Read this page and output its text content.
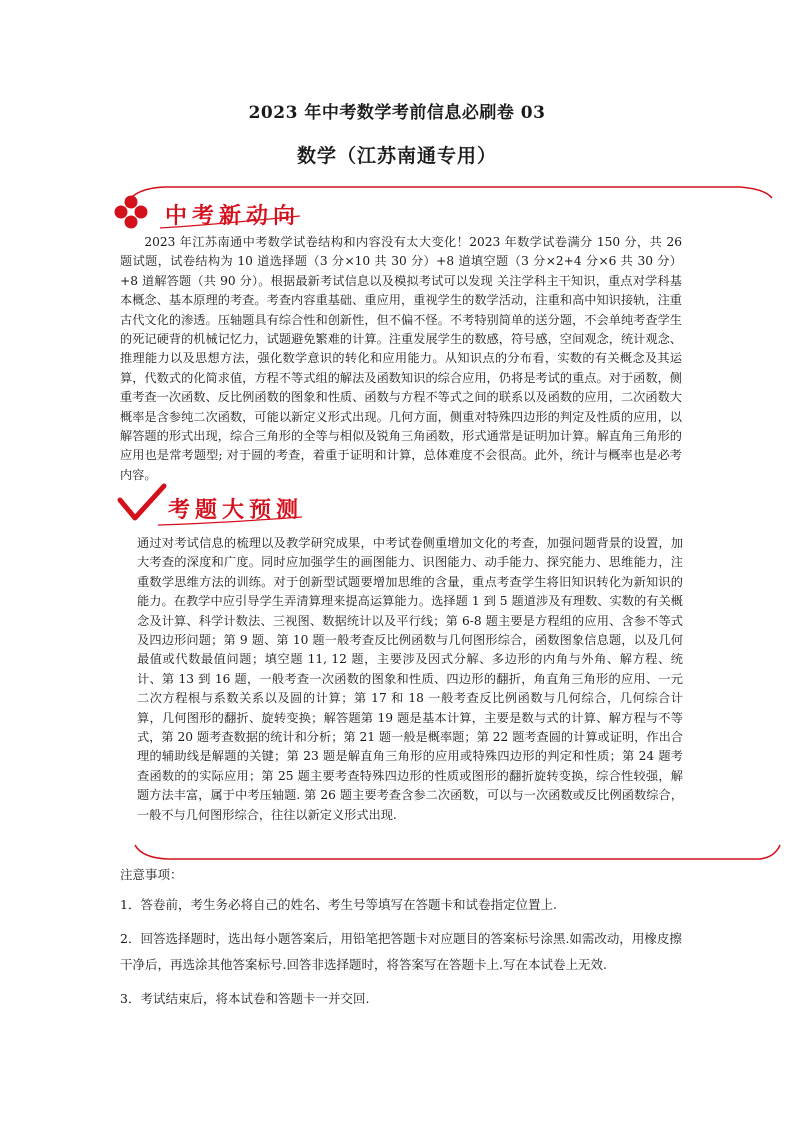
2023 年中考数学考前信息必刷卷 03
数学（江苏南通专用）
中考新动向

2023 年江苏南通中考数学试卷结构和内容没有太大变化！2023 年数学试卷满分 150 分，共 26 题试题，试卷结构为 10 道选择题（3 分×10 共 30 分）+8 道填空题（3 分×2+4 分×6 共 30 分）+8 道解答题（共 90 分）。根据最新考试信息以及模拟考试可以发现 关注学科主干知识，重点对学科基本概念、基本原理的考查。考查内容重基础、重应用，重视学生的数学活动，注重和高中知识接轨，注重古代文化的渗透。压轴题具有综合性和创新性，但不偏不怪。不考特别简单的送分题，不会单纯考查学生的死记硬背的机械记忆力，试题避免繁难的计算。注重发展学生的数感，符号感，空间观念，统计观念、推理能力以及思想方法，强化数学意识的转化和应用能力。从知识点的分布看，实数的有关概念及其运算，代数式的化简求值，方程不等式组的解法及函数知识的综合应用，仍将是考试的重点。对于函数，侧重考查一次函数、反比例函数的图象和性质、函数与方程不等式之间的联系以及函数的应用，二次函数大概率是含参纯二次函数，可能以新定义形式出现。几何方面，侧重对特殊四边形的判定及性质的应用，以解答题的形式出现，综合三角形的全等与相似及锐角三角函数，形式通常是证明加计算。解直角三角形的应用也是常考题型; 对于圆的考查，着重于证明和计算，总体难度不会很高。此外，统计与概率也是必考内容。

考题大预测

通过对考试信息的梳理以及教学研究成果，中考试卷侧重增加文化的考查，加强问题背景的设置，加大考查的深度和广度。同时应加强学生的画图能力、识图能力、动手能力、探究能力、思维能力，注重数学思维方法的训练。对于创新型试题要增加思维的含量，重点考查学生将旧知识转化为新知识的能力。在教学中应引导学生弄清算理来提高运算能力。选择题 1 到 5 题道涉及有理数、实数的有关概念及计算、科学计数法、三视图、数据统计以及平行线；第 6-8 题主要是方程组的应用、含参不等式及四边形问题；第 9 题、第 10 题一般考查反比例函数与几何图形综合，函数图象信息题，以及几何最值或代数最值问题；填空题 11, 12 题，主要涉及因式分解、多边形的内角与外角、解方程、统计、第 13 到 16 题，一般考查一次函数的图象和性质、四边形的翻折，角直角三角形的应用、一元二次方程根与系数关系以及圆的计算；第 17 和 18 一般考查反比例函数与几何综合，几何综合计算，几何图形的翻折、旋转变换；解答题第 19 题是基本计算，主要是数与式的计算、解方程与不等式，第 20 题考查数据的统计和分析；第 21 题一般是概率题；第 22 题考查圆的计算或证明，作出合理的辅助线是解题的关键；第 23 题是解直角三角形的应用或特殊四边形的判定和性质；第 24 题考查函数的的实际应用；第 25 题主要考查特殊四边形的性质或图形的翻折旋转变换，综合性较强，解题方法丰富，属于中考压轴题. 第 26 题主要考查含参二次函数，可以与一次函数或反比例函数综合，一般不与几何图形综合，往往以新定义形式出现.

注意事项：

1．答卷前，考生务必将自己的姓名、考生号等填写在答题卡和试卷指定位置上.

2．回答选择题时，选出每小题答案后，用铅笔把答题卡对应题目的答案标号涂黑.如需改动，用橡皮擦干净后，再选涂其他答案标号.回答非选择题时，将答案写在答题卡上.写在本试卷上无效.

3．考试结束后，将本试卷和答题卡一并交回.
